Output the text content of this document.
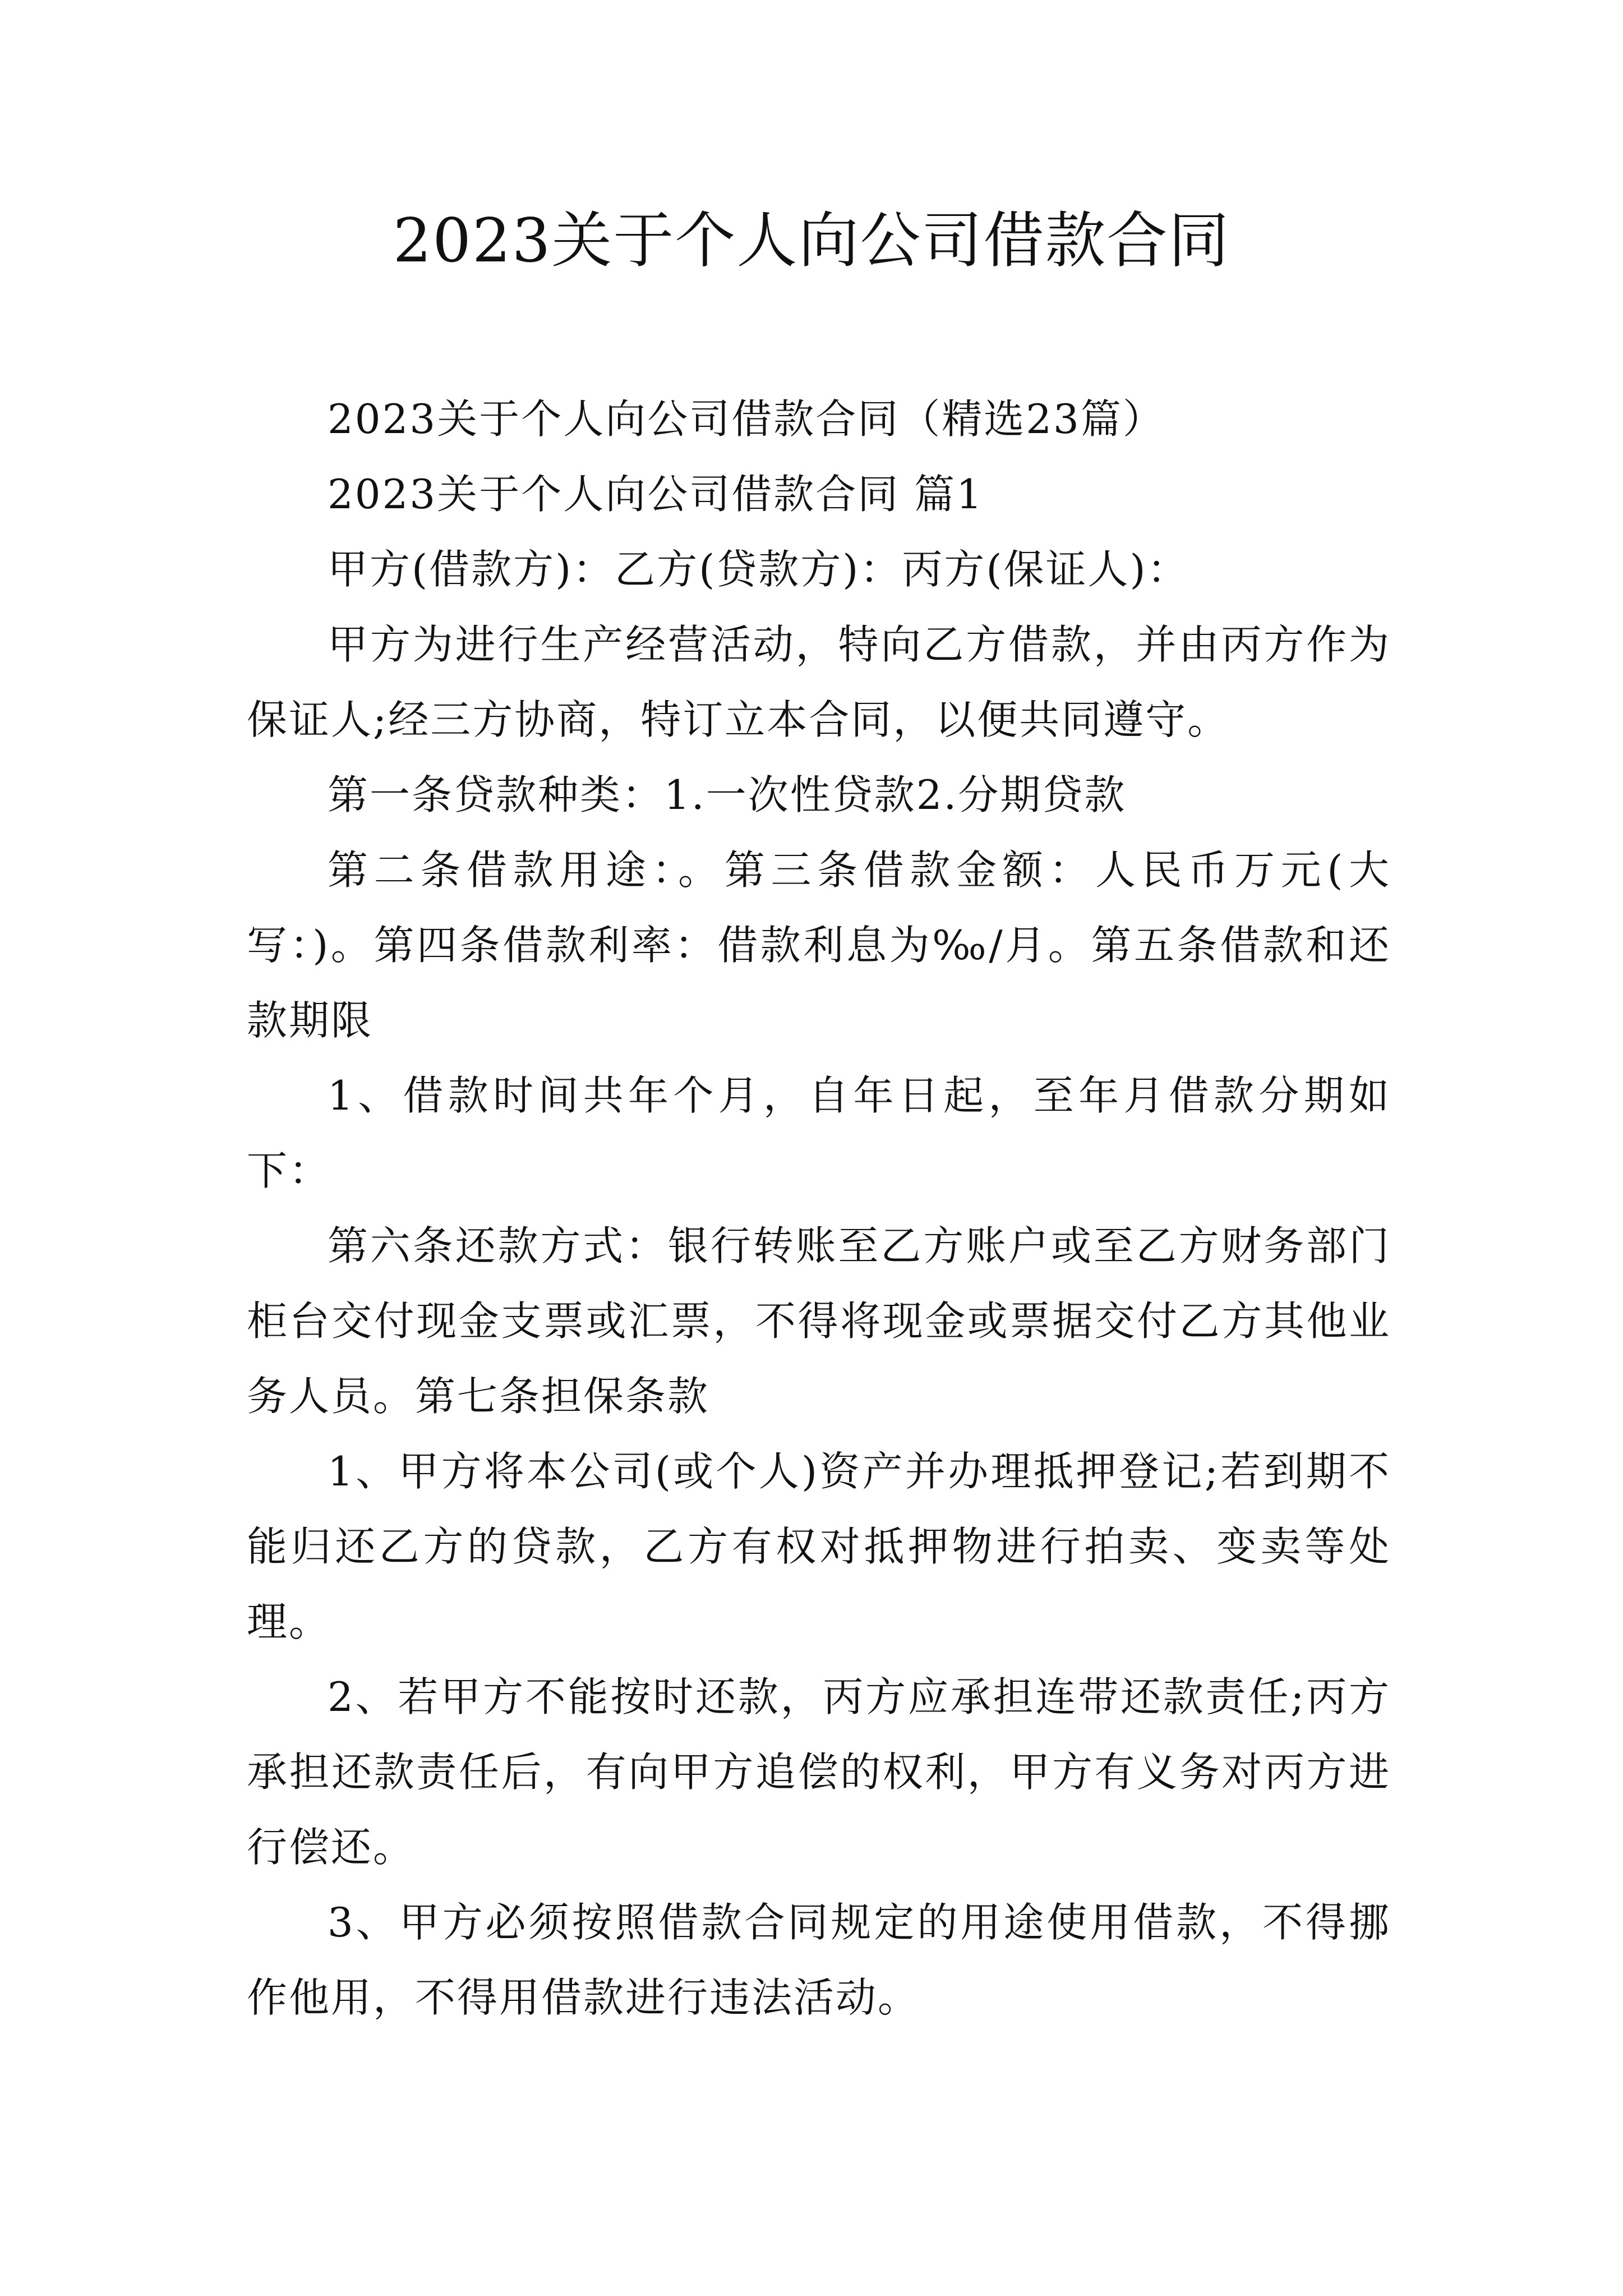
2023关于个人向公司借款合同

2023关于个人向公司借款合同（精选23篇）

2023关于个人向公司借款合同 篇1

甲方(借款方)：乙方(贷款方)：丙方(保证人)：

甲方为进行生产经营活动，特向乙方借款，并由丙方作为保证人;经三方协商，特订立本合同，以便共同遵守。

第一条贷款种类：1.一次性贷款2.分期贷款

第二条借款用途：。第三条借款金额：人民币万元(大写：)。第四条借款利率：借款利息为‰/月。第五条借款和还款期限

1、借款时间共年个月，自年日起，至年月借款分期如下：

第六条还款方式：银行转账至乙方账户或至乙方财务部门柜台交付现金支票或汇票，不得将现金或票据交付乙方其他业务人员。第七条担保条款

1、甲方将本公司(或个人)资产并办理抵押登记;若到期不能归还乙方的贷款，乙方有权对抵押物进行拍卖、变卖等处理。

2、若甲方不能按时还款，丙方应承担连带还款责任;丙方承担还款责任后，有向甲方追偿的权利，甲方有义务对丙方进行偿还。

3、甲方必须按照借款合同规定的用途使用借款，不得挪作他用，不得用借款进行违法活动。
